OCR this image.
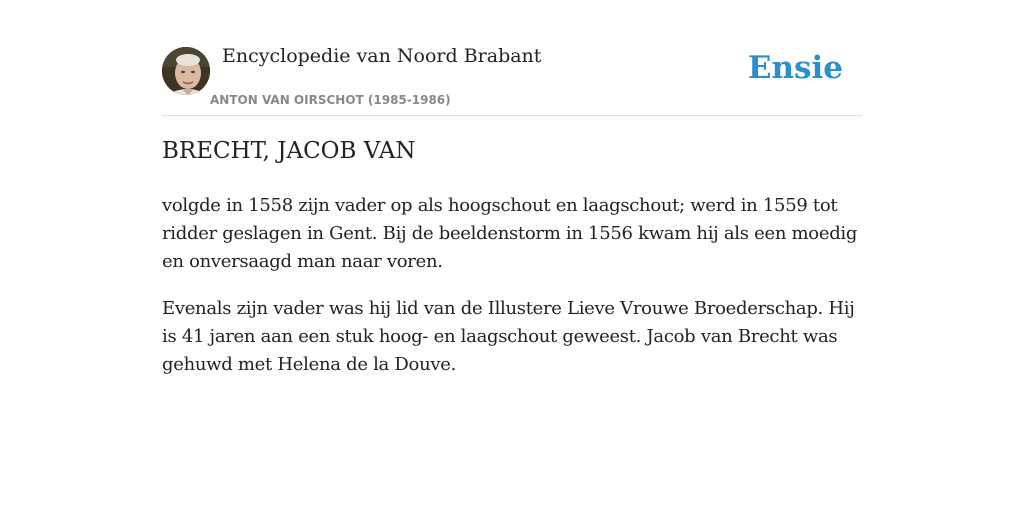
Encyclopedie van Noord Brabant
ANTON VAN OIRSCHOT (1985-1986)
Ensie
BRECHT, JACOB VAN

volgde in 1558 zijn vader op als hoogschout en laagschout; werd in 1559 tot ridder geslagen in Gent. Bij de beeldenstorm in 1556 kwam hij als een moedig en onversaagd man naar voren.

Evenals zijn vader was hij lid van de Illustere Lieve Vrouwe Broederschap. Hij is 41 jaren aan een stuk hoog- en laagschout geweest. Jacob van Brecht was gehuwd met Helena de la Douve.
